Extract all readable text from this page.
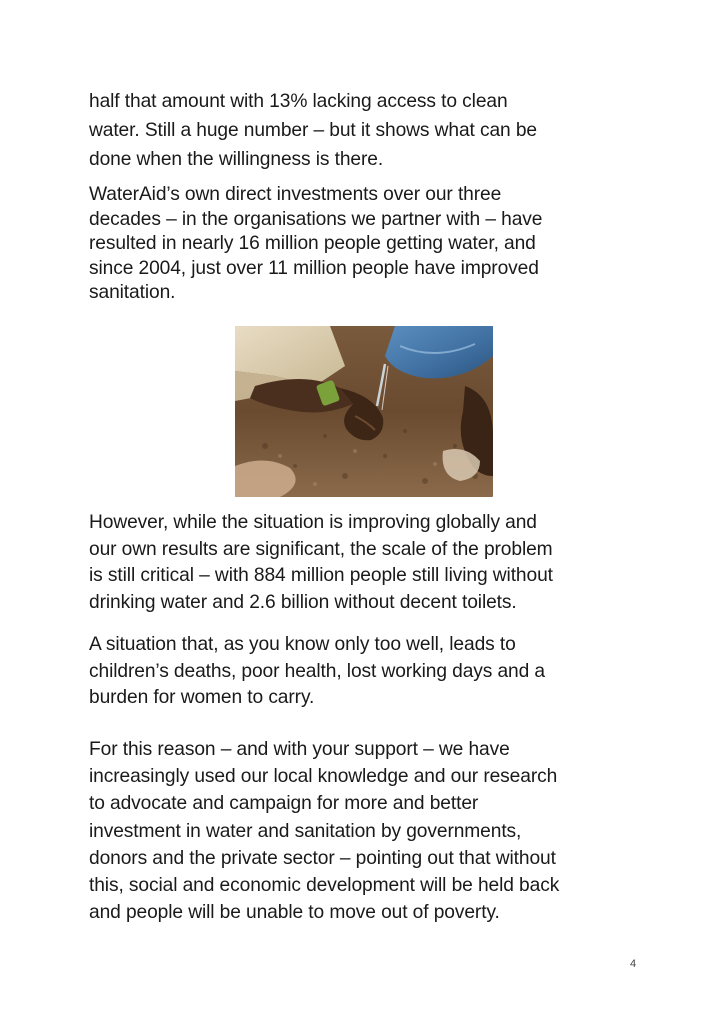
half that amount with 13% lacking access to clean
water. Still a huge number – but it shows what can be
done when the willingness is there.

WaterAid’s own direct investments over our three
decades – in the organisations we partner with – have
resulted in nearly 16 million people getting water, and
since 2004, just over 11 million people have improved
sanitation.

However, while the situation is improving globally and
our own results are significant, the scale of the problem
is still critical – with 884 million people still living without
drinking water and 2.6 billion without decent toilets.

A situation that, as you know only too well, leads to
children’s deaths, poor health, lost working days and a
burden for women to carry.

For this reason – and with your support – we have
increasingly used our local knowledge and our research
to advocate and campaign for more and better
investment in water and sanitation by governments,
donors and the private sector – pointing out that without
this, social and economic development will be held back
and people will be unable to move out of poverty.

4
